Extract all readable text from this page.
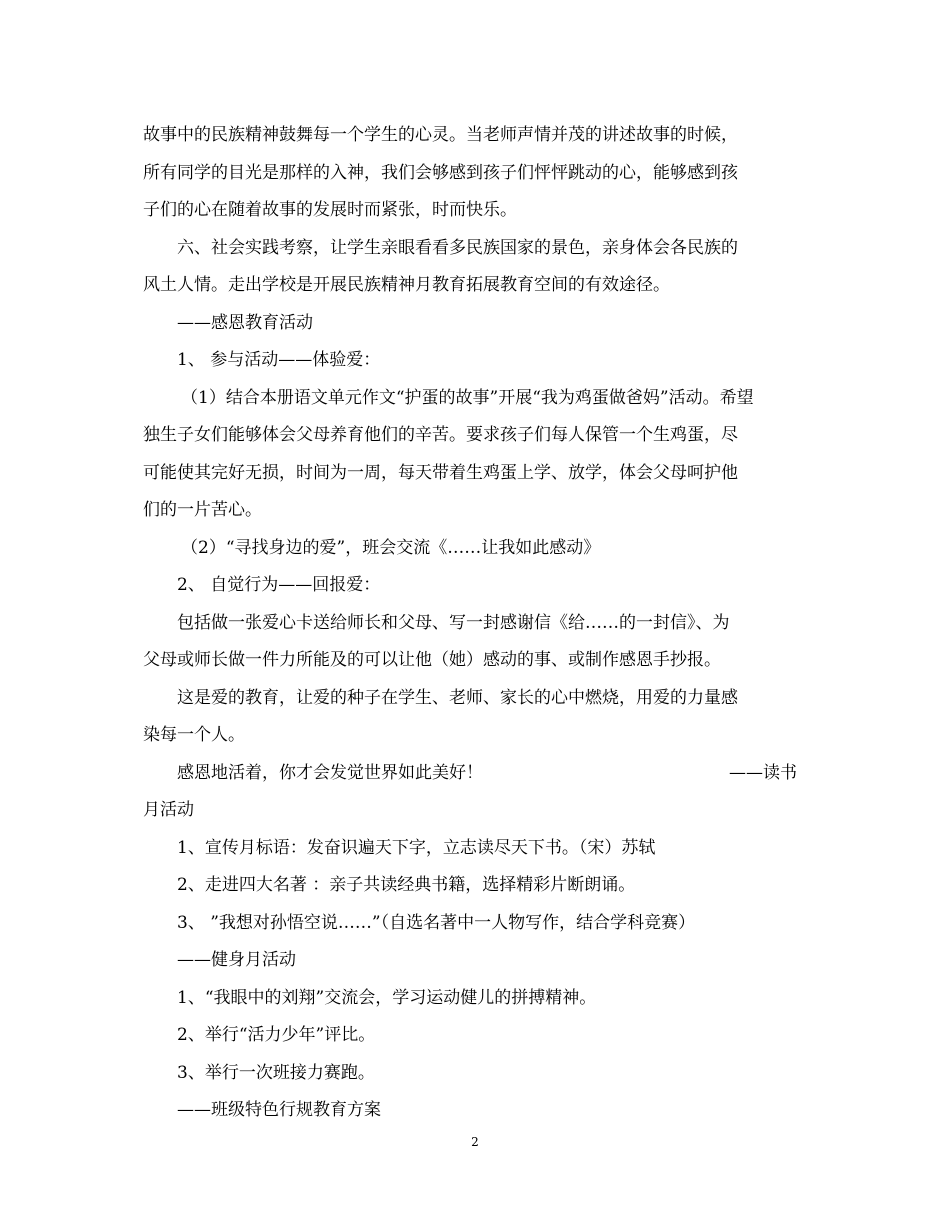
故事中的民族精神鼓舞每一个学生的心灵。当老师声情并茂的讲述故事的时候，
所有同学的目光是那样的入神，我们会够感到孩子们怦怦跳动的心，能够感到孩
子们的心在随着故事的发展时而紧张，时而快乐。
六、社会实践考察，让学生亲眼看看多民族国家的景色，亲身体会各民族的
风土人情。走出学校是开展民族精神月教育拓展教育空间的有效途径。
——感恩教育活动
1、 参与活动——体验爱：
（1）结合本册语文单元作文“护蛋的故事”开展“我为鸡蛋做爸妈”活动。希望
独生子女们能够体会父母养育他们的辛苦。要求孩子们每人保管一个生鸡蛋，尽
可能使其完好无损，时间为一周，每天带着生鸡蛋上学、放学，体会父母呵护他
们的一片苦心。
（2）“寻找身边的爱”，班会交流《……让我如此感动》
2、 自觉行为——回报爱：
包括做一张爱心卡送给师长和父母、写一封感谢信《给……的一封信》、为
父母或师长做一件力所能及的可以让他（她）感动的事、或制作感恩手抄报。
这是爱的教育，让爱的种子在学生、老师、家长的心中燃烧，用爱的力量感
染每一个人。
感恩地活着，你才会发觉世界如此美好！	——读书
月活动
1、宣传月标语：发奋识遍天下字，立志读尽天下书。（宋）苏轼
2、走进四大名著 ：亲子共读经典书籍，选择精彩片断朗诵。
3、 ”我想对孙悟空说……”（自选名著中一人物写作，结合学科竞赛）
——健身月活动
1、“我眼中的刘翔”交流会，学习运动健儿的拼搏精神。
2、举行“活力少年”评比。
3、举行一次班接力赛跑。
——班级特色行规教育方案
2
